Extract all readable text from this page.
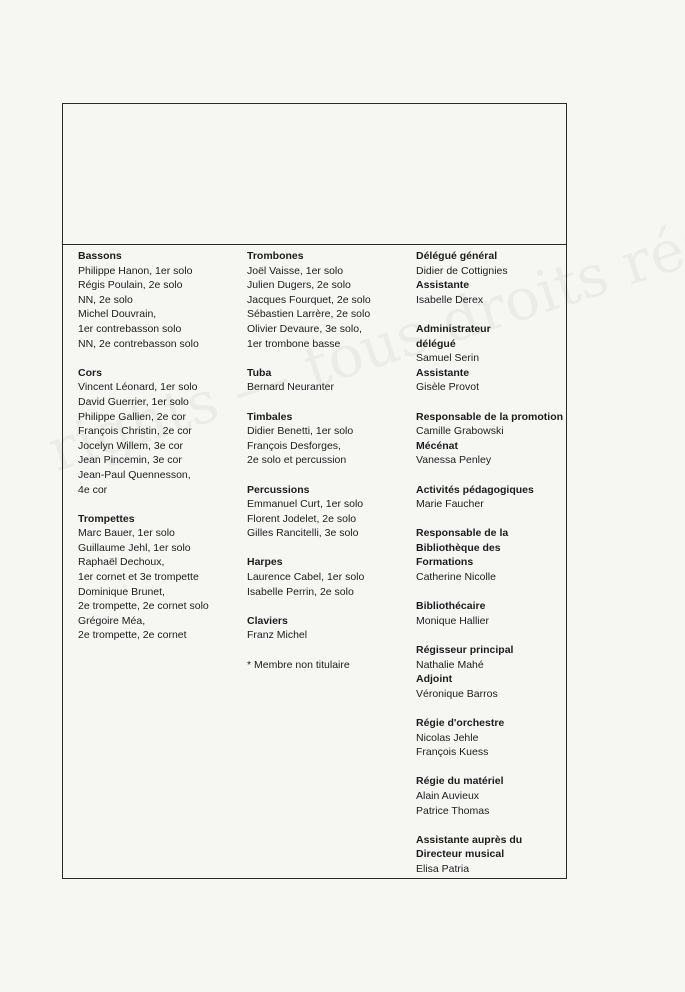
Bassons
Philippe Hanon, 1er solo
Régis Poulain, 2e solo
NN, 2e solo
Michel Douvrain,
1er contrebasson solo
NN, 2e contrebasson solo
Cors
Vincent Léonard, 1er solo
David Guerrier, 1er solo
Philippe Gallien, 2e cor
François Christin, 2e cor
Jocelyn Willem, 3e cor
Jean Pincemin, 3e cor
Jean-Paul Quennesson,
4e cor
Trompettes
Marc Bauer, 1er solo
Guillaume Jehl, 1er solo
Raphaël Dechoux,
1er cornet et 3e trompette
Dominique Brunet,
2e trompette, 2e cornet solo
Grégoire Méa,
2e trompette, 2e cornet
Trombones
Joël Vaisse, 1er solo
Julien Dugers, 2e solo
Jacques Fourquet, 2e solo
Sébastien Larrère, 2e solo
Olivier Devaure, 3e solo,
1er trombone basse
Tuba
Bernard Neuranter
Timbales
Didier Benetti, 1er solo
François Desforges,
2e solo et percussion
Percussions
Emmanuel Curt, 1er solo
Florent Jodelet, 2e solo
Gilles Rancitelli, 3e solo
Harpes
Laurence Cabel, 1er solo
Isabelle Perrin, 2e solo
Claviers
Franz Michel
* Membre non titulaire
Délégué général
Didier de Cottignies
Assistante
Isabelle Derex
Administrateur
délégué
Samuel Serin
Assistante
Gisèle Provot
Responsable de la promotion
Camille Grabowski
Mécénat
Vanessa Penley
Activités pédagogiques
Marie Faucher
Responsable de la
Bibliothèque des
Formations
Catherine Nicolle
Bibliothécaire
Monique Hallier
Régisseur principal
Nathalie Mahé
Adjoint
Véronique Barros
Régie d'orchestre
Nicolas Jehle
François Kuess
Régie du matériel
Alain Auvieux
Patrice Thomas
Assistante auprès du
Directeur musical
Elisa Patria
